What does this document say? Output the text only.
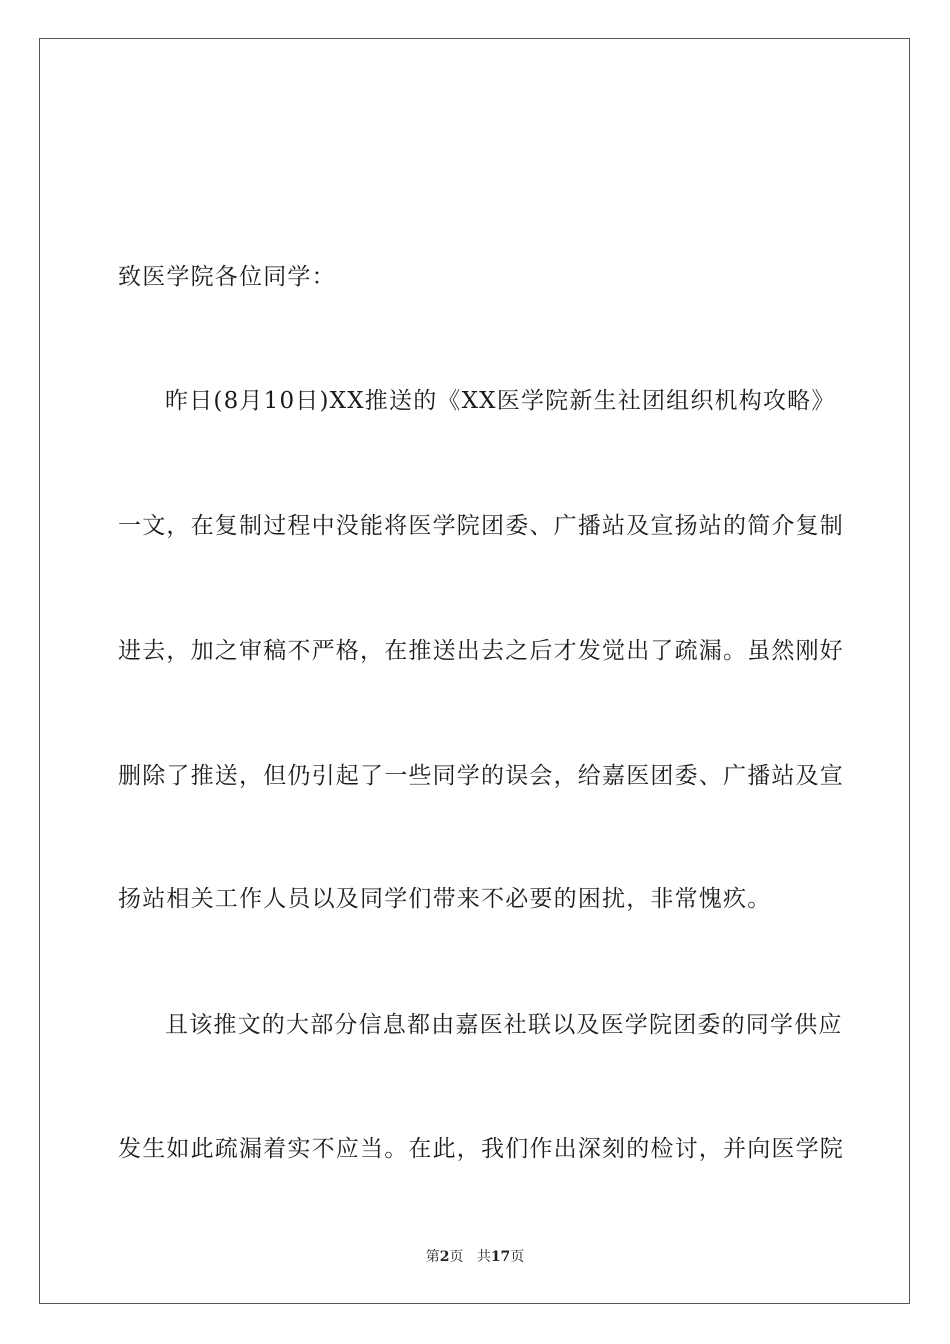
致医学院各位同学：
昨日(8月10日)XX推送的《XX医学院新生社团组织机构攻略》
一文，在复制过程中没能将医学院团委、广播站及宣扬站的简介复制
进去，加之审稿不严格，在推送出去之后才发觉出了疏漏。虽然刚好
删除了推送，但仍引起了一些同学的误会，给嘉医团委、广播站及宣
扬站相关工作人员以及同学们带来不必要的困扰，非常愧疚。
且该推文的大部分信息都由嘉医社联以及医学院团委的同学供应
发生如此疏漏着实不应当。在此，我们作出深刻的检讨，并向医学院
第2页 共17页
